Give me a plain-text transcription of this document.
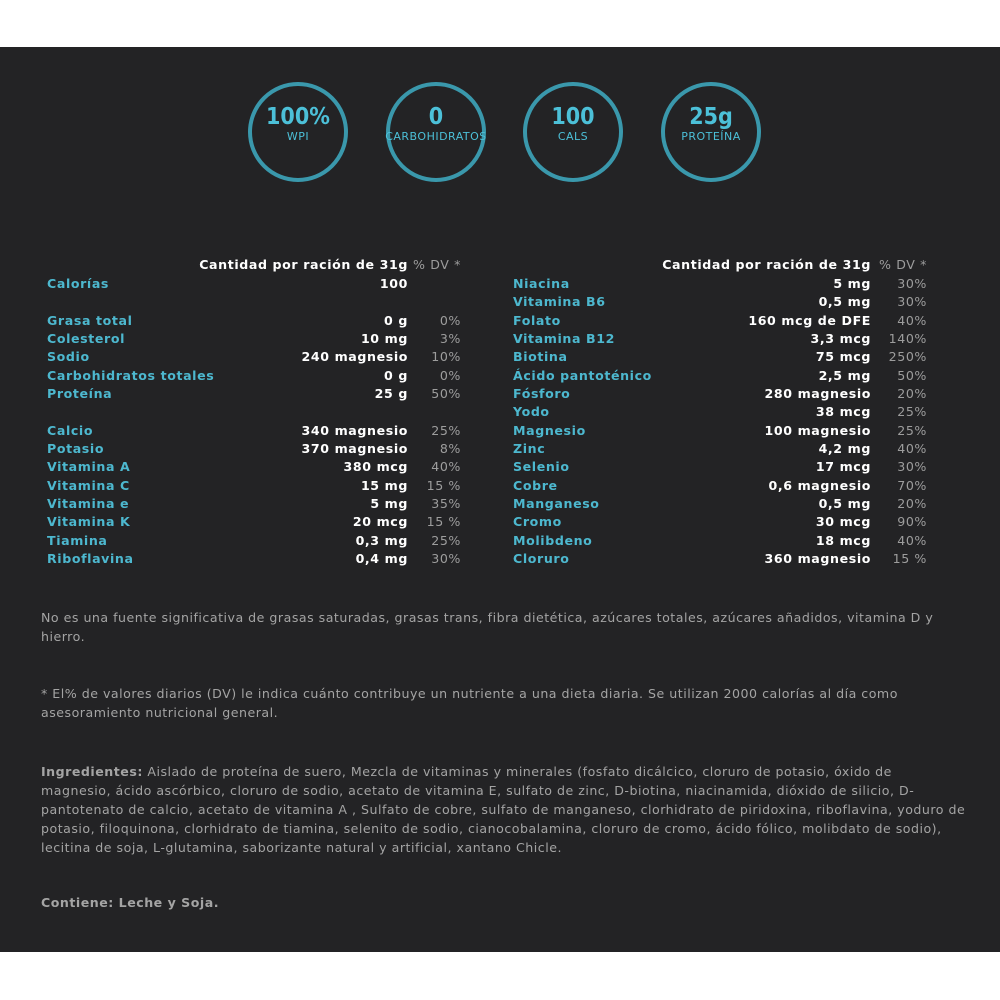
100%
WPI
0
CARBOHIDRATOS
100
CALS
25g
PROTEÍNA
Cantidad por ración de 31g % DV *
Calorías	100
Grasa total	0 g	0%
Colesterol	10 mg	3%
Sodio	240 magnesio 10%
Carbohidratos totales	0 g	0%
Proteína	25 g 50%
Calcio	340 magnesio 25%
Potasio	370 magnesio	8%
Vitamina A	380 mcg 40%
Vitamina C	15 mg 15 %
Vitamina e	5 mg 35%
Vitamina K	20 mcg 15 %
Tiamina	0,3 mg 25%
Riboflavina	0,4 mg 30%
Cantidad por ración de 31g % DV *
Niacina	5 mg 30%
Vitamina B6	0,5 mg 30%
Folato	160 mcg de DFE 40%
Vitamina B12	3,3 mcg 140%
Biotina	75 mcg 250%
Ácido pantoténico	2,5 mg 50%
Fósforo	280 magnesio 20%
Yodo	38 mcg 25%
Magnesio	100 magnesio 25%
Zinc	4,2 mg 40%
Selenio	17 mcg 30%
Cobre	0,6 magnesio 70%
Manganeso	0,5 mg 20%
Cromo	30 mcg 90%
Molibdeno	18 mcg 40%
Cloruro	360 magnesio 15 %
No es una fuente significativa de grasas saturadas, grasas trans, fibra dietética, azúcares totales, azúcares añadidos, vitamina D y hierro.
* El% de valores diarios (DV) le indica cuánto contribuye un nutriente a una dieta diaria. Se utilizan 2000 calorías al día como asesoramiento nutricional general.
Ingredientes: Aislado de proteína de suero, Mezcla de vitaminas y minerales (fosfato dicálcico, cloruro de potasio, óxido de magnesio, ácido ascórbico, cloruro de sodio, acetato de vitamina E, sulfato de zinc, D-biotina, niacinamida, dióxido de silicio, D-pantotenato de calcio, acetato de vitamina A , Sulfato de cobre, sulfato de manganeso, clorhidrato de piridoxina, riboflavina, yoduro de potasio, filoquinona, clorhidrato de tiamina, selenito de sodio, cianocobalamina, cloruro de cromo, ácido fólico, molibdato de sodio), lecitina de soja, L-glutamina, saborizante natural y artificial, xantano Chicle.
Contiene: Leche y Soja.
